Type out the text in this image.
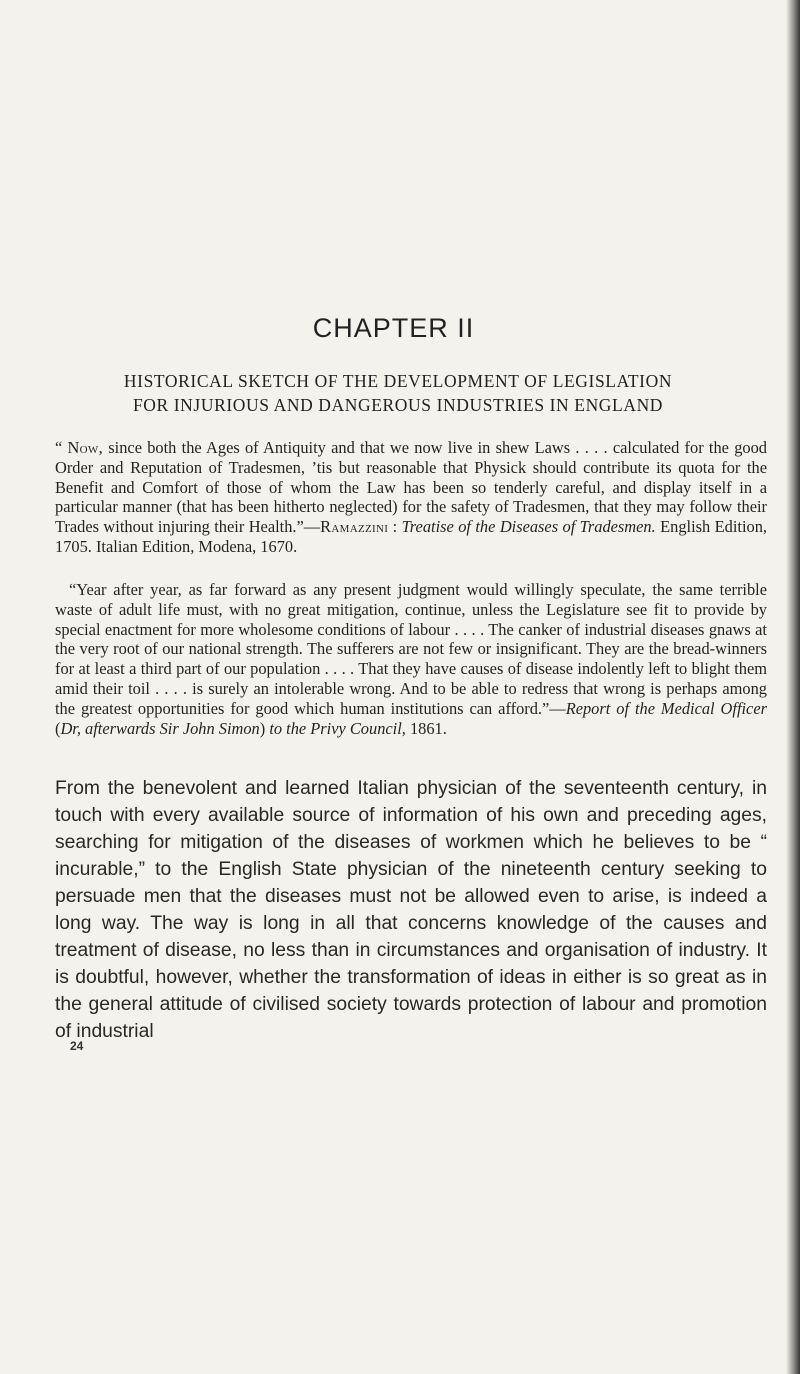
CHAPTER II
HISTORICAL SKETCH OF THE DEVELOPMENT OF LEGISLATION
FOR INJURIOUS AND DANGEROUS INDUSTRIES IN ENGLAND
“ Now, since both the Ages of Antiquity and that we now live in shew Laws . . . . calculated for the good Order and Reputation of Tradesmen, ’tis but reasonable that Physick should contribute its quota for the Benefit and Comfort of those of whom the Law has been so tenderly careful, and display itself in a particular manner (that has been hitherto neglected) for the safety of Tradesmen, that they may follow their Trades without injuring their Health.”—Ramazzini : Treatise of the Diseases of Tradesmen. English Edition, 1705. Italian Edition, Modena, 1670.
“Year after year, as far forward as any present judgment would willingly speculate, the same terrible waste of adult life must, with no great mitigation, continue, unless the Legislature see fit to provide by special enactment for more wholesome conditions of labour . . . . The canker of industrial diseases gnaws at the very root of our national strength. The sufferers are not few or insignificant. They are the bread-winners for at least a third part of our population . . . . That they have causes of disease indolently left to blight them amid their toil . . . . is surely an intolerable wrong. And to be able to redress that wrong is perhaps among the greatest opportunities for good which human institutions can afford.”—Report of the Medical Officer (Dr, afterwards Sir John Simon) to the Privy Council, 1861.
From the benevolent and learned Italian physician of the seventeenth century, in touch with every available source of information of his own and preceding ages, searching for mitigation of the diseases of workmen which he believes to be “ incurable,” to the English State physician of the nineteenth century seeking to persuade men that the diseases must not be allowed even to arise, is indeed a long way. The way is long in all that concerns knowledge of the causes and treatment of disease, no less than in circumstances and organisation of industry. It is doubtful, however, whether the transformation of ideas in either is so great as in the general attitude of civilised society towards protection of labour and promotion of industrial
24
